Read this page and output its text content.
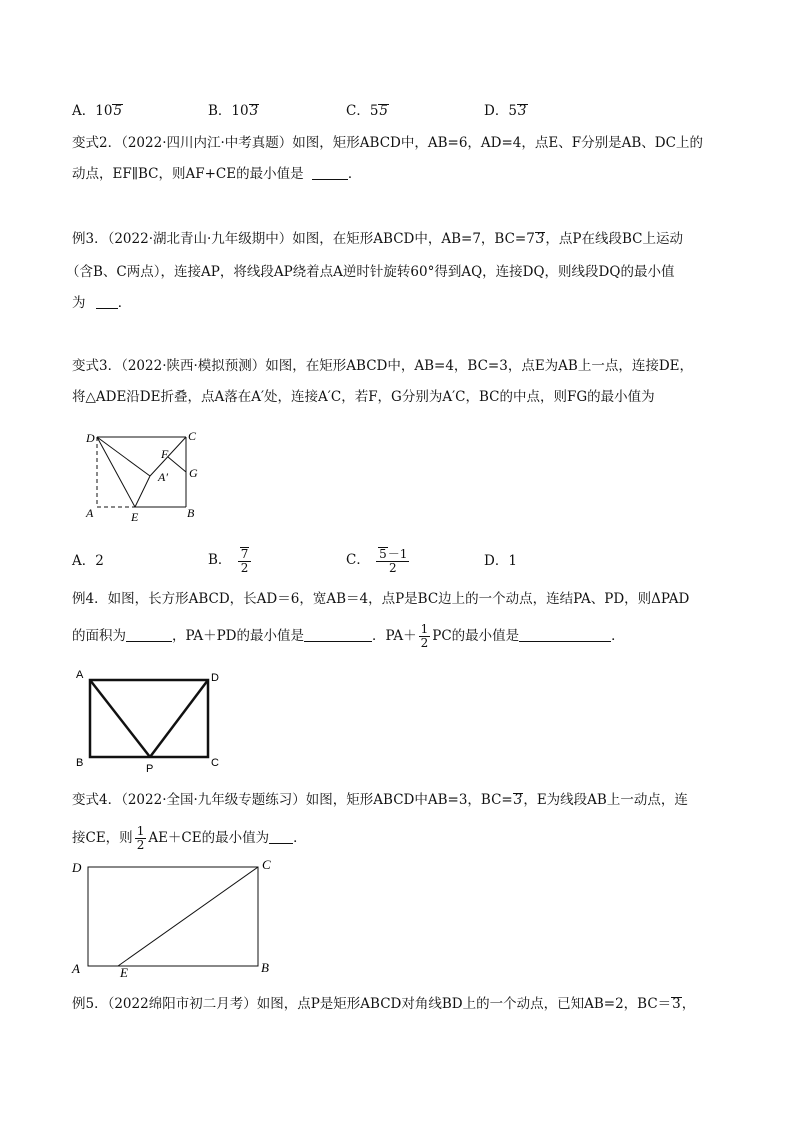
A．105	B．103	C．55	D．53
变式2．（2022·四川内江·中考真题）如图，矩形ABCD中，AB=6，AD=4，点E、F分别是AB、DC上的
动点，EF∥BC，则AF+CE的最小值是	．
例3．（2022·湖北青山·九年级期中）如图，在矩形ABCD中，AB=7，BC=73，点P在线段BC上运动
（含B、C两点），连接AP，将线段AP绕着点A逆时针旋转60°得到AQ，连接DQ，则线段DQ的最小值
为 ．
变式3．（2022·陕西·模拟预测）如图，在矩形ABCD中，AB=4，BC=3，点E为AB上一点，连接DE，
将△ADE沿DE折叠，点A落在A′处，连接A′C，若F，G分别为A′C，BC的中点，则FG的最小值为
D	C
F
A′ G
A	E	B
A．2	B． $\frac{7}{2}$	C． $\frac{5-1}{2}$	D．1
例4．如图，长方形ABCD，长AD＝6，宽AB＝4，点P是BC边上的一个动点，连结PA、PD，则ΔPAD
的面积为	，PA＋PD的最小值是	．$PA+ \frac{1}{2}$ PC的最小值是	．
A	D
B	P	C
变式4．（2022·全国·九年级专题练习）如图，矩形ABCD中AB=3，BC=3，E为线段AB上一动点，连
接CE，则 $\frac{1}{2} AE+CE$的最小值为 ．
D	C
A	E	B
例5．（2022绵阳市初二月考）如图，点P是矩形ABCD对角线BD上的一个动点，已知AB=2，BC＝3，
